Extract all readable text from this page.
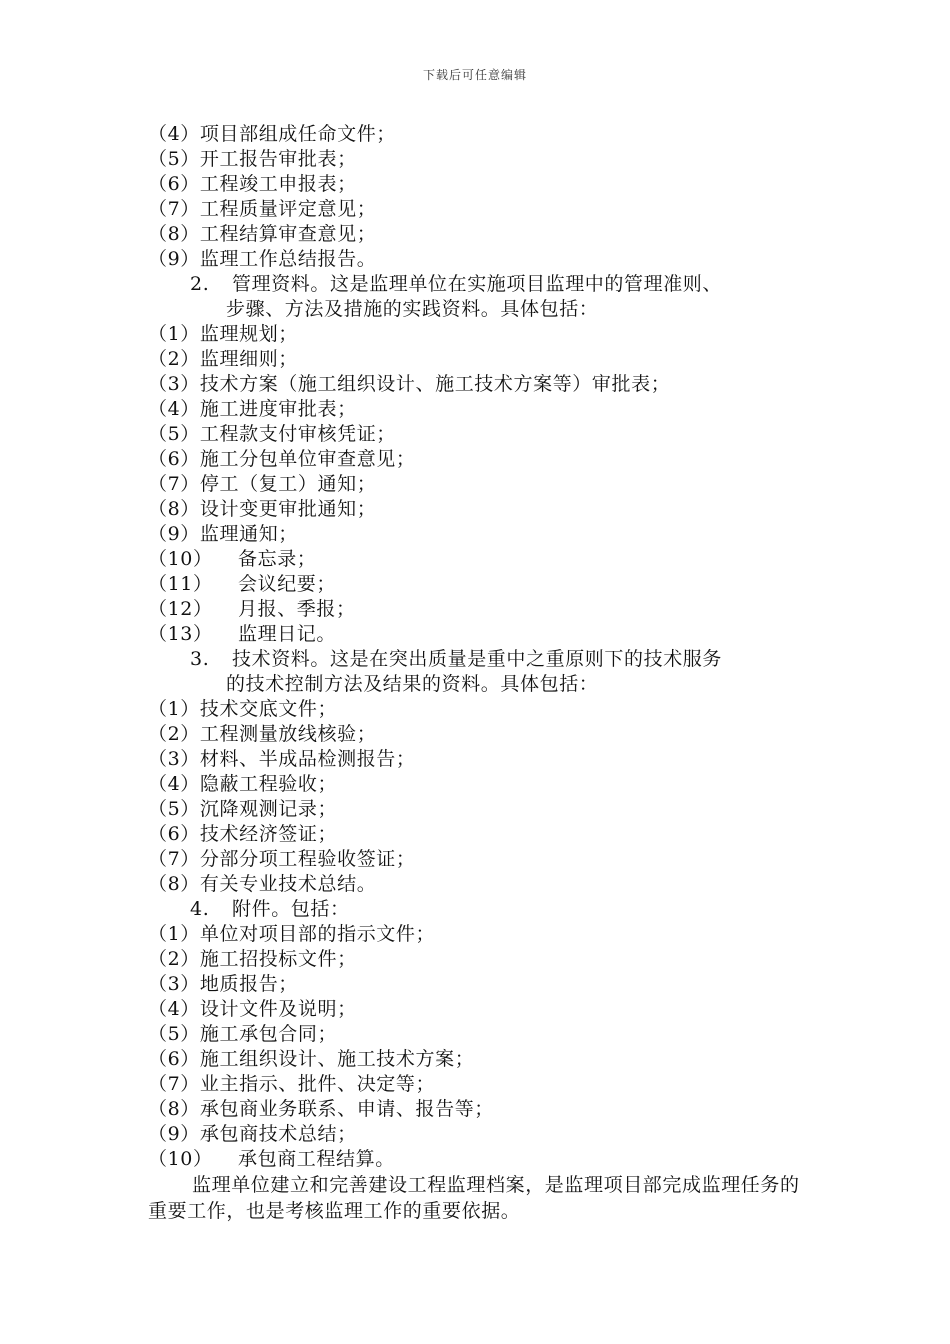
下载后可任意编辑
（4）项目部组成任命文件；
（5）开工报告审批表；
（6）工程竣工申报表；
（7）工程质量评定意见；
（8）工程结算审查意见；
（9）监理工作总结报告。
2. 管理资料。这是监理单位在实施项目监理中的管理准则、
步骤、方法及措施的实践资料。具体包括：
（1）监理规划；
（2）监理细则；
（3）技术方案（施工组织设计、施工技术方案等）审批表；
（4）施工进度审批表；
（5）工程款支付审核凭证；
（6）施工分包单位审查意见；
（7）停工（复工）通知；
（8）设计变更审批通知；
（9）监理通知；
（10） 备忘录；
（11） 会议纪要；
（12） 月报、季报；
（13） 监理日记。
3. 技术资料。这是在突出质量是重中之重原则下的技术服务
的技术控制方法及结果的资料。具体包括：
（1）技术交底文件；
（2）工程测量放线核验；
（3）材料、半成品检测报告；
（4）隐蔽工程验收；
（5）沉降观测记录；
（6）技术经济签证；
（7）分部分项工程验收签证；
（8）有关专业技术总结。
4. 附件。包括：
（1）单位对项目部的指示文件；
（2）施工招投标文件；
（3）地质报告；
（4）设计文件及说明；
（5）施工承包合同；
（6）施工组织设计、施工技术方案；
（7）业主指示、批件、决定等；
（8）承包商业务联系、申请、报告等；
（9）承包商技术总结；
（10） 承包商工程结算。
监理单位建立和完善建设工程监理档案，是监理项目部完成监理任务的重要工作，也是考核监理工作的重要依据。
